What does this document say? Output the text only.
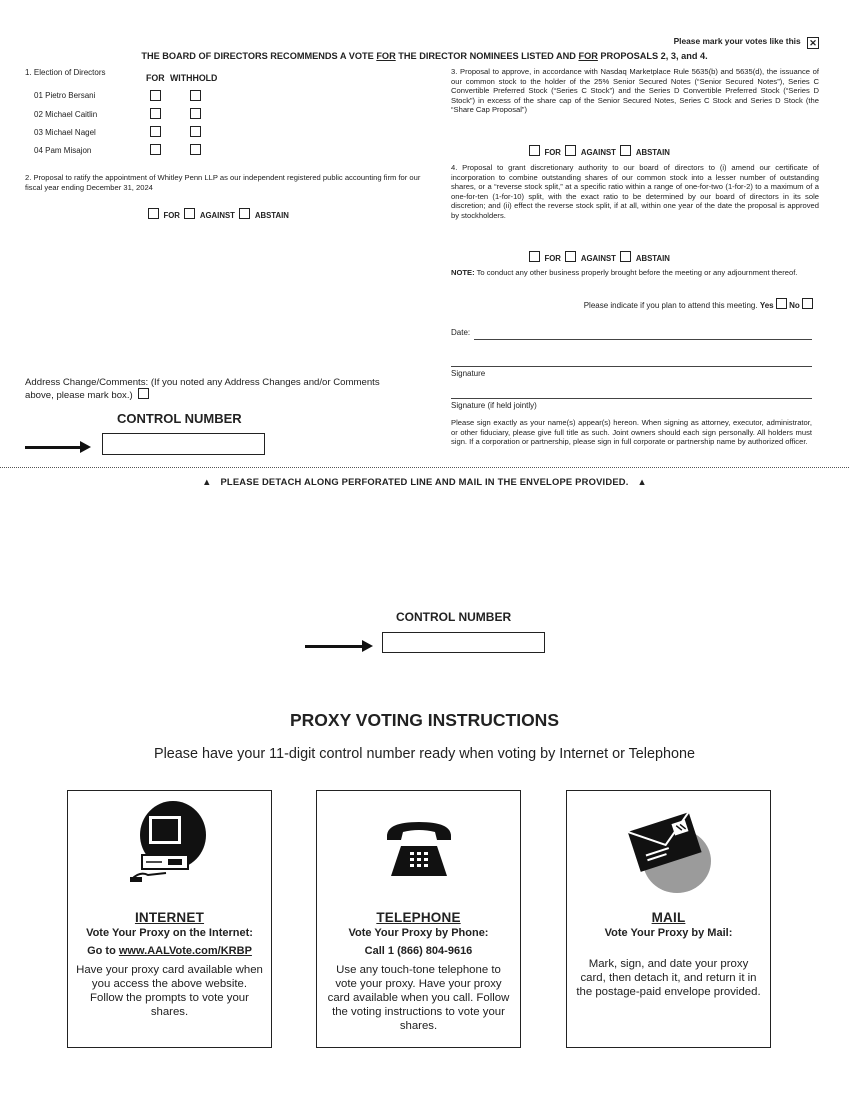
Please mark your votes like this ✕
THE BOARD OF DIRECTORS RECOMMENDS A VOTE FOR THE DIRECTOR NOMINEES LISTED AND FOR PROPOSALS 2, 3, and 4.
1. Election of Directors
FOR WITHHOLD
01 Pietro Bersani
02 Michael Caitlin
03 Michael Nagel
04 Pam Misajon
2. Proposal to ratify the appointment of Whitley Penn LLP as our independent registered public accounting firm for our fiscal year ending December 31, 2024
FOR	AGAINST	ABSTAIN
3. Proposal to approve, in accordance with Nasdaq Marketplace Rule 5635(b) and 5635(d), the issuance of our common stock to the holder of the 25% Senior Secured Notes (“Senior Secured Notes”), Series C Convertible Preferred Stock (“Series C Stock”) and the Series D Convertible Preferred Stock (“Series D Stock”) in excess of the share cap of the Senior Secured Notes, Series C Stock and Series D Stock (the “Share Cap Proposal”)
FOR	AGAINST	ABSTAIN
4. Proposal to grant discretionary authority to our board of directors to (i) amend our certificate of incorporation to combine outstanding shares of our common stock into a lesser number of outstanding shares, or a “reverse stock split,” at a specific ratio within a range of one-for-two (1-for-2) to a maximum of a one-for-ten (1-for-10) split, with the exact ratio to be determined by our board of directors in its sole discretion; and (ii) effect the reverse stock split, if at all, within one year of the date the proposal is approved by stockholders.
FOR	AGAINST	ABSTAIN
NOTE: To conduct any other business properly brought before the meeting or any adjournment thereof.
Please indicate if you plan to attend this meeting. Yes No
Date:
Signature
Signature (if held jointly)
Please sign exactly as your name(s) appear(s) hereon. When signing as attorney, executor, administrator, or other fiduciary, please give full title as such. Joint owners should each sign personally. All holders must sign. If a corporation or partnership, please sign in full corporate or partnership name by authorized officer.
Address Change/Comments: (If you noted any Address Changes and/or Comments above, please mark box.)
CONTROL NUMBER
▲ PLEASE DETACH ALONG PERFORATED LINE AND MAIL IN THE ENVELOPE PROVIDED. ▲
CONTROL NUMBER
PROXY VOTING INSTRUCTIONS
Please have your 11-digit control number ready when voting by Internet or Telephone
INTERNET
Vote Your Proxy on the Internet:
Go to www.AALVote.com/KRBP
Have your proxy card available when you access the above website. Follow the prompts to vote your shares.
TELEPHONE
Vote Your Proxy by Phone:
Call 1 (866) 804-9616
Use any touch-tone telephone to vote your proxy. Have your proxy card available when you call. Follow the voting instructions to vote your shares.
MAIL
Vote Your Proxy by Mail:
Mark, sign, and date your proxy card, then detach it, and return it in the postage-paid envelope provided.
